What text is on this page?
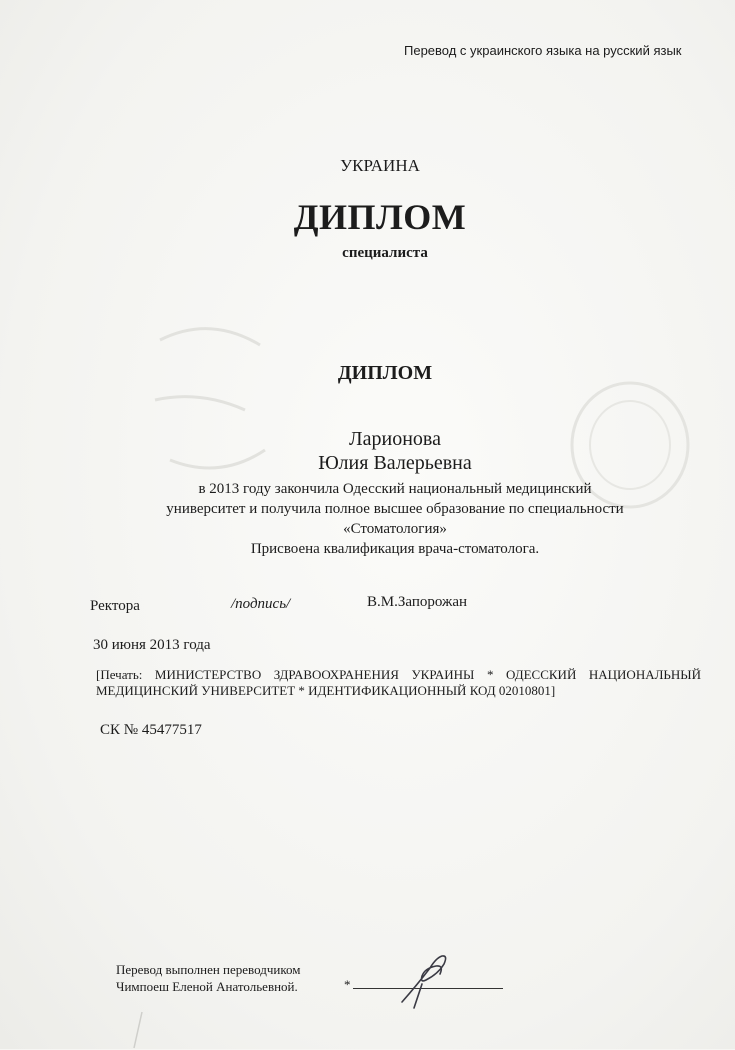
Перевод с украинского языка на русский язык
УКРАИНА
ДИПЛОМ
специалиста
ДИПЛОМ
Ларионова
Юлия Валерьевна
в 2013 году закончила Одесский национальный медицинский
университет и получила полное высшее образование по специальности
«Стоматология»
Присвоена квалификация врача-стоматолога.
Ректора	/подпись/	В.М.Запорожан
30 июня 2013 года
[Печать: МИНИСТЕРСТВО ЗДРАВООХРАНЕНИЯ УКРАИНЫ * ОДЕССКИЙ НАЦИОНАЛЬНЫЙ
МЕДИЦИНСКИЙ УНИВЕРСИТЕТ * ИДЕНТИФИКАЦИОННЫЙ КОД 02010801]
СК № 45477517
Перевод выполнен переводчиком
Чимпоеш Еленой Анатольевной.	*
